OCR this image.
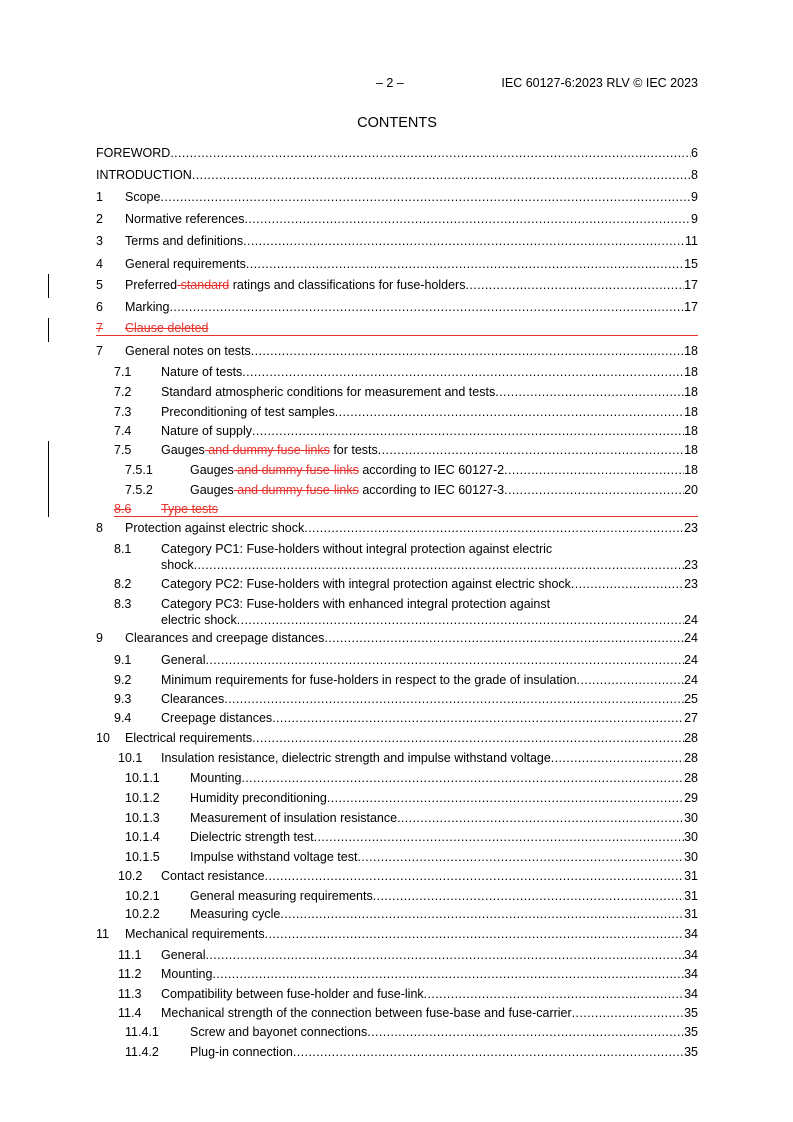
– 2 –	IEC 60127-6:2023 RLV © IEC 2023
CONTENTS
FOREWORD .....	6
INTRODUCTION .....	8
1 Scope .....	9
2 Normative references .....	9
3 Terms and definitions .....	11
4 General requirements .....	15
5 Preferred standard ratings and classifications for fuse-holders .....	17
6 Marking .....	17
7 Clause deleted
7 General notes on tests .....	18
7.1 Nature of tests .....	18
7.2 Standard atmospheric conditions for measurement and tests .....	18
7.3 Preconditioning of test samples .....	18
7.4 Nature of supply .....	18
7.5 Gauges and dummy fuse-links for tests .....	18
7.5.1	Gauges and dummy fuse-links according to IEC 60127-2 .....	18
7.5.2	Gauges and dummy fuse-links according to IEC 60127-3 .....	20
8.6 Type tests
8 Protection against electric shock .....	23
8.1 Category PC1: Fuse-holders without integral protection against electric
shock .....	23
8.2 Category PC2: Fuse-holders with integral protection against electric shock .....	23
8.3 Category PC3: Fuse-holders with enhanced integral protection against
electric shock .....	24
9 Clearances and creepage distances .....	24
9.1 General .....	24
9.2 Minimum requirements for fuse-holders in respect to the grade of insulation .....	24
9.3 Clearances .....	25
9.4 Creepage distances .....	27
10 Electrical requirements .....	28
10.1 Insulation resistance, dielectric strength and impulse withstand voltage .....	28
10.1.1 Mounting .....	28
10.1.2 Humidity preconditioning .....	29
10.1.3 Measurement of insulation resistance .....	30
10.1.4 Dielectric strength test .....	30
10.1.5 Impulse withstand voltage test .....	30
10.2 Contact resistance .....	31
10.2.1 General measuring requirements .....	31
10.2.2 Measuring cycle .....	31
11 Mechanical requirements .....	34
11.1 General .....	34
11.2 Mounting .....	34
11.3 Compatibility between fuse-holder and fuse-link .....	34
11.4 Mechanical strength of the connection between fuse-base and fuse-carrier .....	35
11.4.1 Screw and bayonet connections .....	35
11.4.2 Plug-in connection .....	35
